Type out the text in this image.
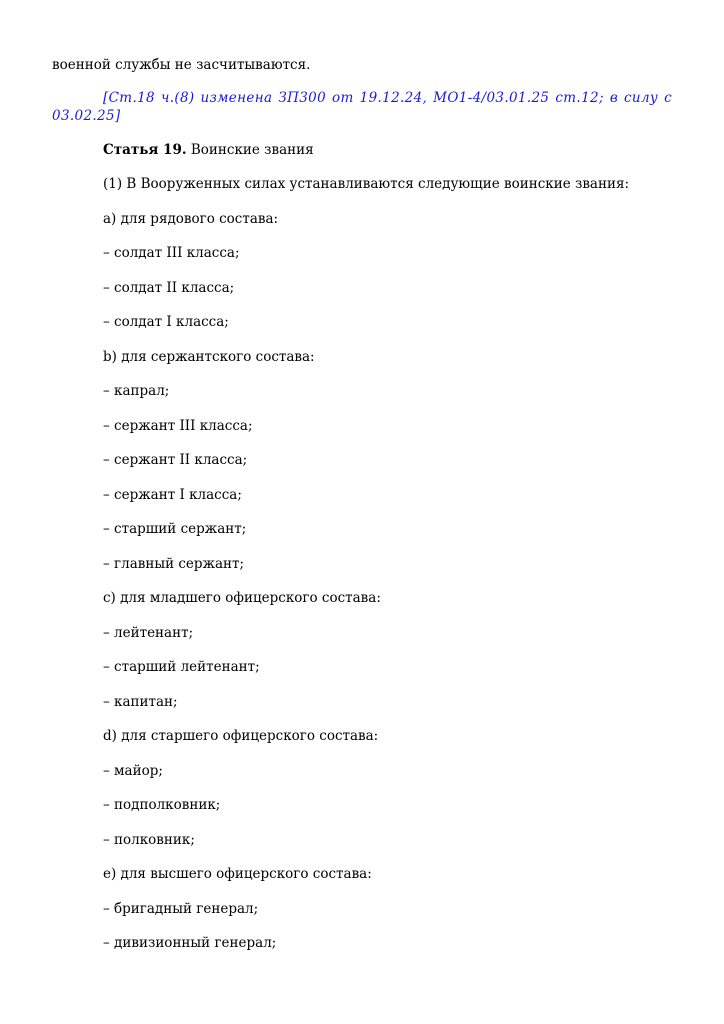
военной службы не засчитываются.

[Ст.18 ч.(8) изменена ЗП300 от 19.12.24, МО1-4/03.01.25 ст.12; в силу с 03.02.25]

Статья 19. Воинские звания

(1) В Вооруженных силах устанавливаются следующие воинские звания:

a) для рядового состава:

– солдат III класса;

– солдат II класса;

– солдат I класса;

b) для сержантского состава:

– капрал;

– сержант III класса;

– сержант II класса;

– сержант I класса;

– старший сержант;

– главный сержант;

c) для младшего офицерского состава:

– лейтенант;

– старший лейтенант;

– капитан;

d) для старшего офицерского состава:

– майор;

– подполковник;

– полковник;

e) для высшего офицерского состава:

– бригадный генерал;

– дивизионный генерал;
